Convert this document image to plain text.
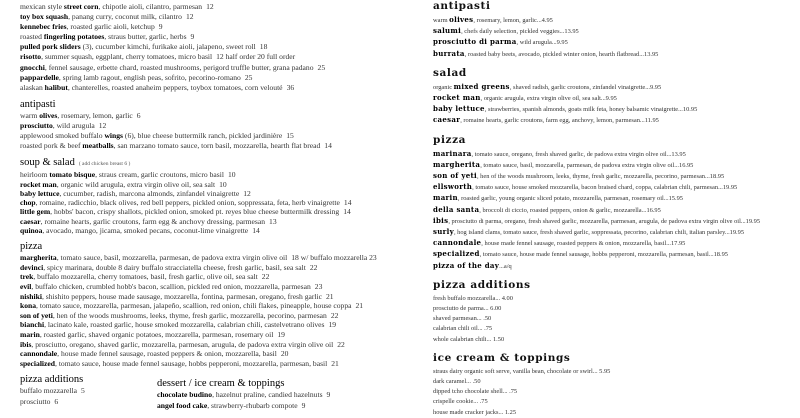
mexican style street corn, chipotle aioli, cilantro, parmesan 12
toy box squash, panang curry, coconut milk, cilantro 12
kennebec fries, roasted garlic aioli, ketchup 9
roasted fingerling potatoes, straus butter, garlic, herbs 9
pulled pork sliders (3), cucumber kimchi, furikake aioli, jalapeno, sweet roll 18
risotto, summer squash, eggplant, cherry tomatoes, micro basil 12 half order 20 full order
gnocchi, fennel sausage, erbette chard, roasted mushrooms, perigord truffle butter, grana padano 25
pappardelle, spring lamb ragout, english peas, sofrito, pecorino-romano 25
alaskan halibut, chanterelles, roasted anaheim peppers, toybox tomatoes, corn velouté 36
antipasti
warm olives, rosemary, lemon, garlic 6
prosciutto, wild arugula 12
applewood smoked buffalo wings (6), blue cheese buttermilk ranch, pickled jardinière 15
roasted pork & beef meatballs, san marzano tomato sauce, torn basil, mozzarella, hearth flat bread 14
soup & salad ( add chicken breast 6 )
heirloom tomato bisque, straus cream, garlic croutons, micro basil 10
rocket man, organic wild arugula, extra virgin olive oil, sea salt 10
baby lettuce, cucumber, radish, marcona almonds, zinfandel vinaigrette 12
chop, romaine, radicchio, black olives, red bell peppers, pickled onion, soppressata, feta, herb vinaigrette 14
little gem, hobbs' bacon, crispy shallots, pickled onion, smoked pt. reyes blue cheese buttermilk dressing 14
caesar, romaine hearts, garlic croutons, farm egg & anchovy dressing, parmesan 13
quinoa, avocado, mango, jicama, smoked pecans, coconut-lime vinaigrette 14
pizza
margherita, tomato sauce, basil, mozzarella, parmesan, de padova extra virgin olive oil 18 w/ buffalo mozzarella 23
devinci, spicy marinara, double 8 dairy buffalo stracciatella cheese, fresh garlic, basil, sea salt 22
trek, buffalo mozzarella, cherry tomatoes, basil, fresh garlic, olive oil, sea salt 22
evil, buffalo chicken, crumbled hobb's bacon, scallion, pickled red onion, mozzarella, parmesan 23
nishiki, shishito peppers, house made sausage, mozzarella, fontina, parmesan, oregano, fresh garlic 21
kona, tomato sauce, mozzarella, parmesan, jalapeño, scallion, red onion, chili flakes, pineapple, house coppa 21
son of yeti, hen of the woods mushrooms, leeks, thyme, fresh garlic, mozzarella, pecorino, parmesan 22
bianchi, lacinato kale, roasted garlic, house smoked mozzarella, calabrian chili, castelvetrano olives 19
marin, roasted garlic, shaved organic potatoes, mozzarella, parmesan, rosemary oil 19
ibis, prosciutto, oregano, shaved garlic, mozzarella, parmesan, arugula, de padova extra virgin olive oil 22
cannondale, house made fennel sausage, roasted peppers & onion, mozzarella, basil 20
specialized, tomato sauce, house made fennel sausage, hobbs pepperoni, mozzarella, parmesan, basil 21
pizza additions
buffalo mozzarella 5
prosciutto 6
dessert / ice cream & toppings
chocolate budino, hazelnut praline, candied hazelnuts 9
angel food cake, strawberry-rhubarb compote 9
antipasti
warm olives, rosemary, lemon, garlic...4.95
salumi, chefs daily selection, pickled veggies...13.95
prosciutto di parma, wild arugula...9.95
burrata, roasted baby beets, avocado, pickled winter onion, hearth flatbread...13.95
salad
organic mixed greens, shaved radish, garlic croutons, zinfandel vinaigrette...9.95
rocket man, organic arugula, extra virgin olive oil, sea salt...9.95
baby lettuce, strawberries, spanish almonds, goats milk feta, honey balsamic vinaigrette...10.95
caesar, romaine hearts, garlic croutons, farm egg, anchovy, lemon, parmesan...11.95
pizza
marinara, tomato sauce, oregano, fresh shaved garlic, de padova extra virgin olive oil...13.95
margherita, tomato sauce, basil, mozzarella, parmesan, de padova extra virgin olive oil...16.95
son of yeti, hen of the woods mushroom, leeks, thyme, fresh garlic, mozzarella, pecorino, parmesan...18.95
ellsworth, tomato sauce, house smoked mozzarella, bacon braised chard, coppa, calabrian chili, parmesan...19.95
marin, roasted garlic, young organic sliced potato, mozzarella, parmesan, rosemary oil...15.95
della santa, broccoli di ciccio, roasted peppers, onion & garlic, mozzarella...16.95
ibis, prosciutto di parma, oregano, fresh shaved garlic, mozzarella, parmesan, arugula, de padova extra virgin olive oil...19.95
surly, hog island clams, tomato sauce, fresh shaved garlic, soppressata, pecorino, calabrian chili, italian parsley...19.95
cannondale, house made fennel sausage, roasted peppers & onion, mozzarella, basil...17.95
specialized, tomato sauce, house made fennel sausage, hobbs pepperoni, mozzarella, parmesan, basil...18.95
pizza of the day...a/q
pizza additions
fresh buffalo mozzarella... 4.00
prosciutto de parma... 6.00
shaved parmesan... .50
calabrian chili oil... .75
whole calabrian chili... 1.50
ice cream & toppings
straus dairy organic soft serve, vanilla bean, chocolate or swirl... 5.95
dark caramel... .50
dipped tcho chocolate shell... .75
crispelle cookie... .75
house made cracker jacks... 1.25
